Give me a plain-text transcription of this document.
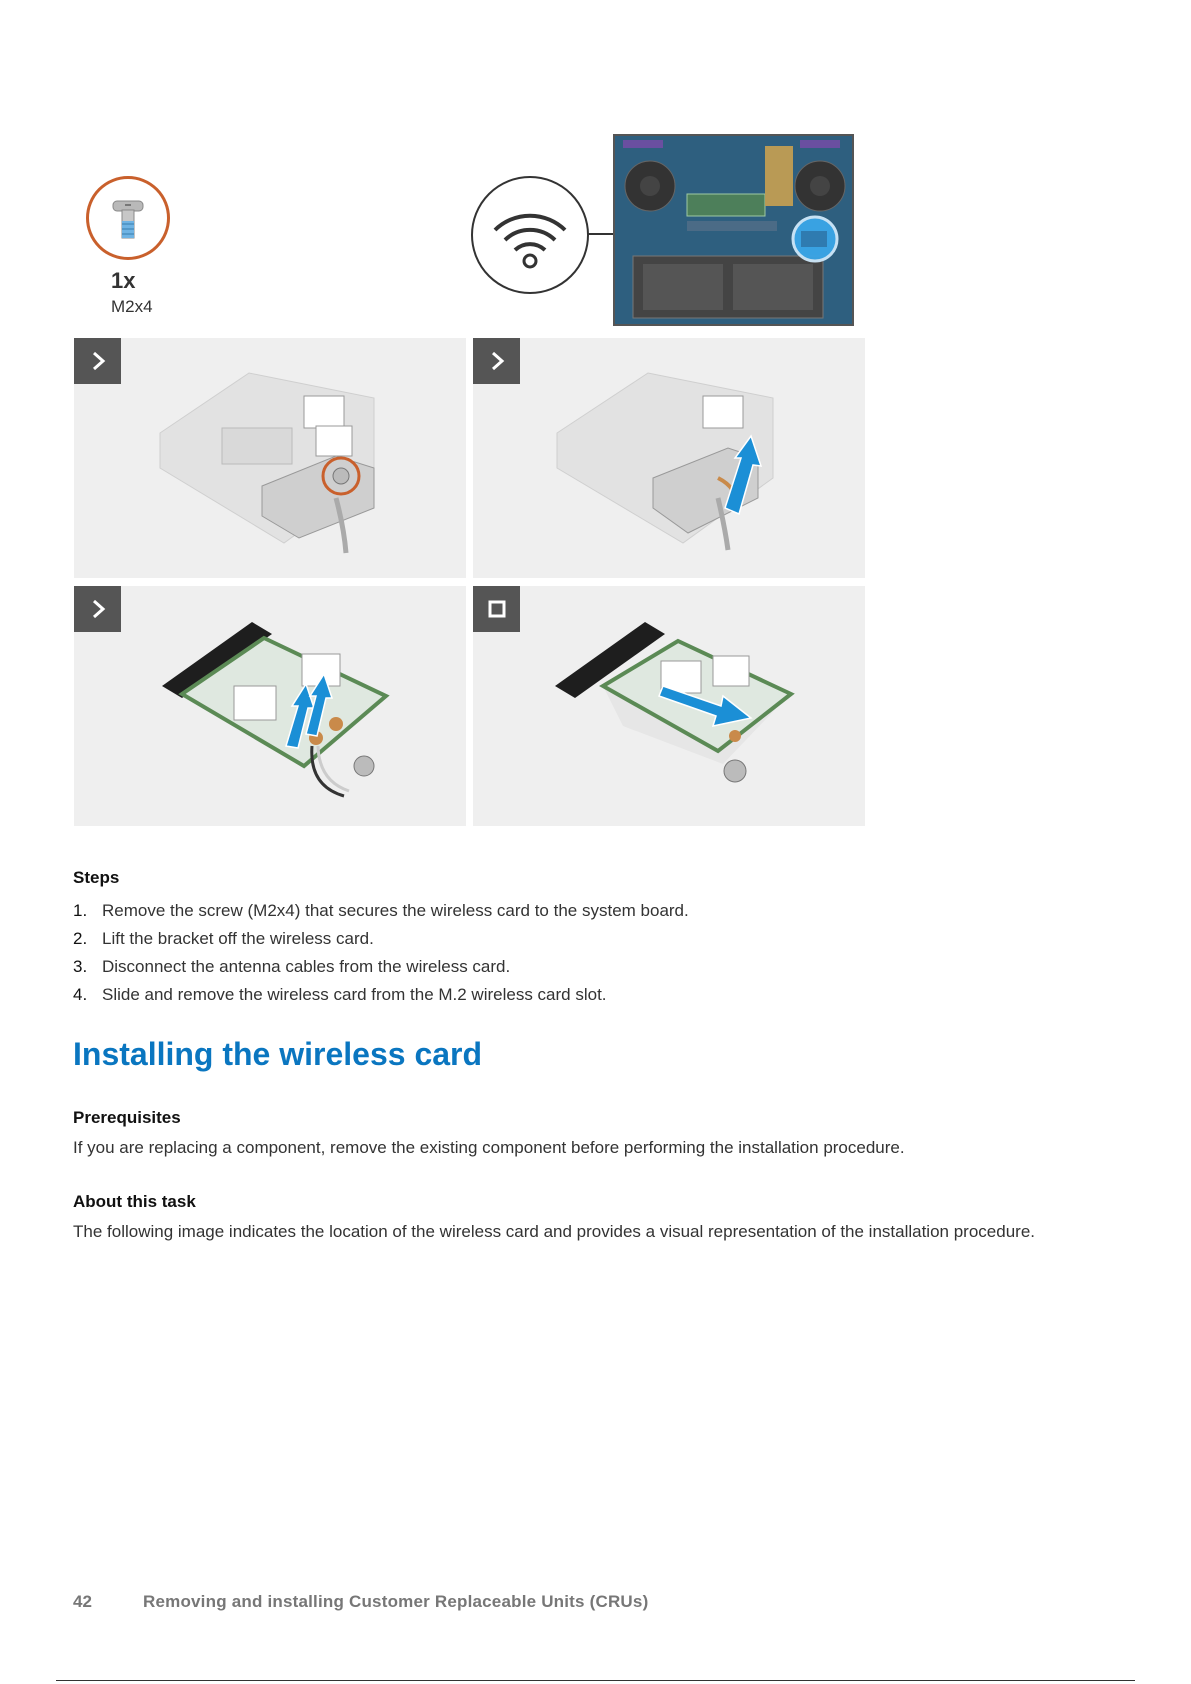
1x
M2x4
Steps
1. Remove the screw (M2x4) that secures the wireless card to the system board.
2. Lift the bracket off the wireless card.
3. Disconnect the antenna cables from the wireless card.
4. Slide and remove the wireless card from the M.2 wireless card slot.
Installing the wireless card
Prerequisites
If you are replacing a component, remove the existing component before performing the installation procedure.
About this task
The following image indicates the location of the wireless card and provides a visual representation of the installation procedure.
42	Removing and installing Customer Replaceable Units (CRUs)
